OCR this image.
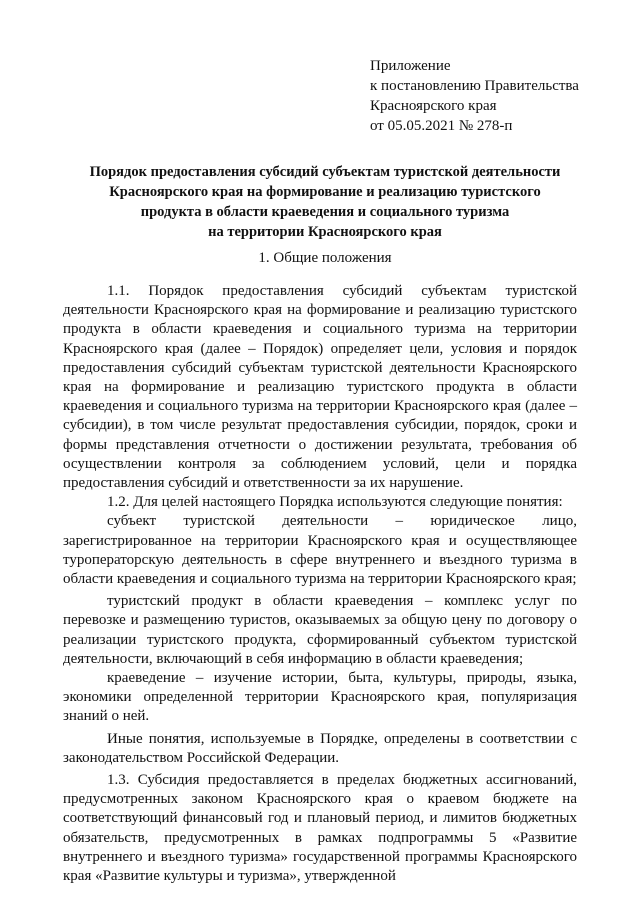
Приложение
к постановлению Правительства
Красноярского края
от 05.05.2021 № 278-п
Порядок предоставления субсидий субъектам туристской деятельности
Красноярского края на формирование и реализацию туристского
продукта в области краеведения и социального туризма
на территории Красноярского края
1. Общие положения

1.1. Порядок предоставления субсидий субъектам туристской деятельности Красноярского края на формирование и реализацию туристского продукта в области краеведения и социального туризма на территории Красноярского края (далее – Порядок) определяет цели, условия и порядок предоставления субсидий субъектам туристской деятельности Красноярского края на формирование и реализацию туристского продукта в области краеведения и социального туризма на территории Красноярского края (далее – субсидии), в том числе результат предоставления субсидии, порядок, сроки и формы представления отчетности о достижении результата, требования об осуществлении контроля за соблюдением условий, цели и порядка предоставления субсидий и ответственности за их нарушение.

1.2. Для целей настоящего Порядка используются следующие понятия:

субъект туристской деятельности – юридическое лицо, зарегистрированное на территории Красноярского края и осуществляющее туроператорскую деятельность в сфере внутреннего и въездного туризма в области краеведения и социального туризма на территории Красноярского края;

туристский продукт в области краеведения – комплекс услуг по перевозке и размещению туристов, оказываемых за общую цену по договору о реализации туристского продукта, сформированный субъектом туристской деятельности, включающий в себя информацию в области краеведения;

краеведение – изучение истории, быта, культуры, природы, языка, экономики определенной территории Красноярского края, популяризация знаний о ней.

Иные понятия, используемые в Порядке, определены в соответствии с законодательством Российской Федерации.

1.3. Субсидия предоставляется в пределах бюджетных ассигнований, предусмотренных законом Красноярского края о краевом бюджете на соответствующий финансовый год и плановый период, и лимитов бюджетных обязательств, предусмотренных в рамках подпрограммы 5 «Развитие внутреннего и въездного туризма» государственной программы Красноярского края «Развитие культуры и туризма», утвержденной
